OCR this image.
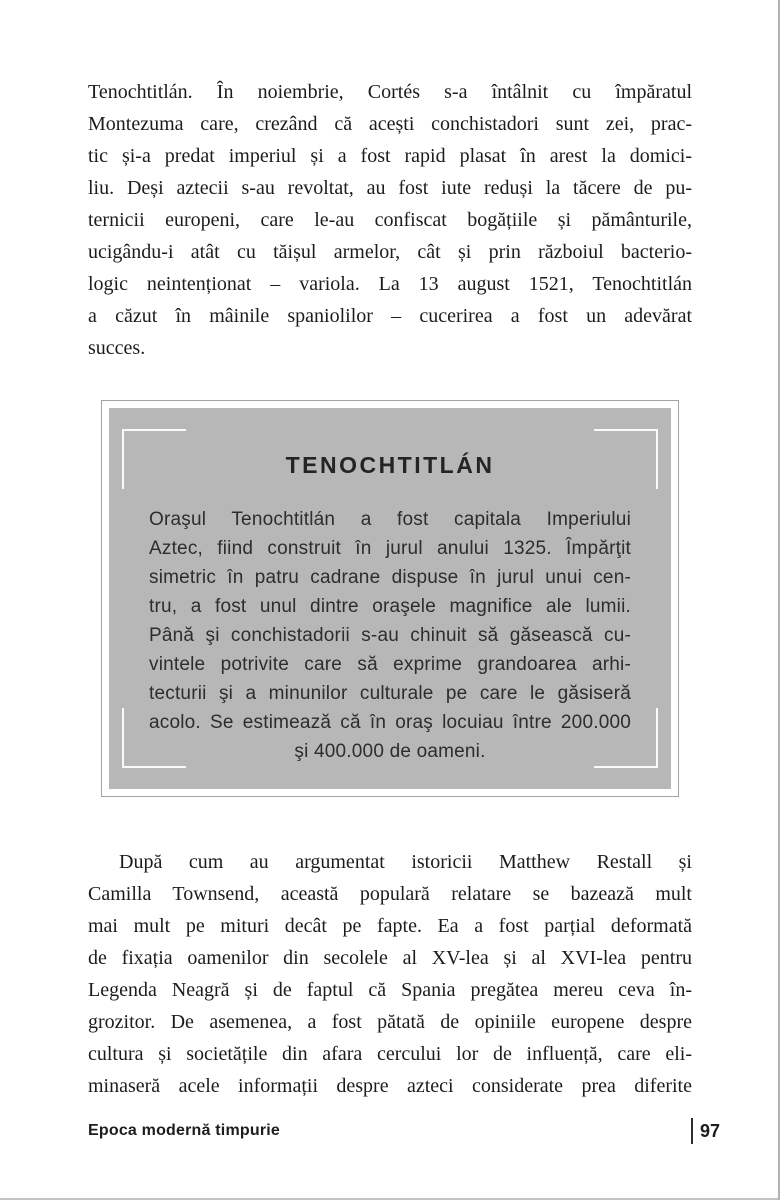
Tenochtitlán. În noiembrie, Cortés s-a întâlnit cu împăratul
Montezuma care, crezând că acești conchistadori sunt zei, prac-
tic și-a predat imperiul și a fost rapid plasat în arest la domici-
liu. Deși aztecii s-au revoltat, au fost iute reduși la tăcere de pu-
ternicii europeni, care le-au confiscat bogățiile și pământurile,
ucigându-i atât cu tăișul armelor, cât și prin războiul bacterio-
logic neintenționat – variola. La 13 august 1521, Tenochtitlán
a căzut în mâinile spaniolilor – cucerirea a fost un adevărat
succes.
TENOCHTITLÁN
Oraşul Tenochtitlán a fost capitala Imperiului
Aztec, fiind construit în jurul anului 1325. Împărţit
simetric în patru cadrane dispuse în jurul unui cen-
tru, a fost unul dintre oraşele magnifice ale lumii.
Până şi conchistadorii s-au chinuit să găsească cu-
vintele potrivite care să exprime grandoarea arhi-
tecturii şi a minunilor culturale pe care le găsiseră
acolo. Se estimează că în oraş locuiau între 200.000
şi 400.000 de oameni.
După cum au argumentat istoricii Matthew Restall și
Camilla Townsend, această populară relatare se bazează mult
mai mult pe mituri decât pe fapte. Ea a fost parțial deformată
de fixația oamenilor din secolele al XV-lea și al XVI-lea pentru
Legenda Neagră și de faptul că Spania pregătea mereu ceva în-
grozitor. De asemenea, a fost pătată de opiniile europene despre
cultura și societățile din afara cercului lor de influență, care eli-
minaseră acele informații despre azteci considerate prea diferite
Epoca modernă timpurie	97
